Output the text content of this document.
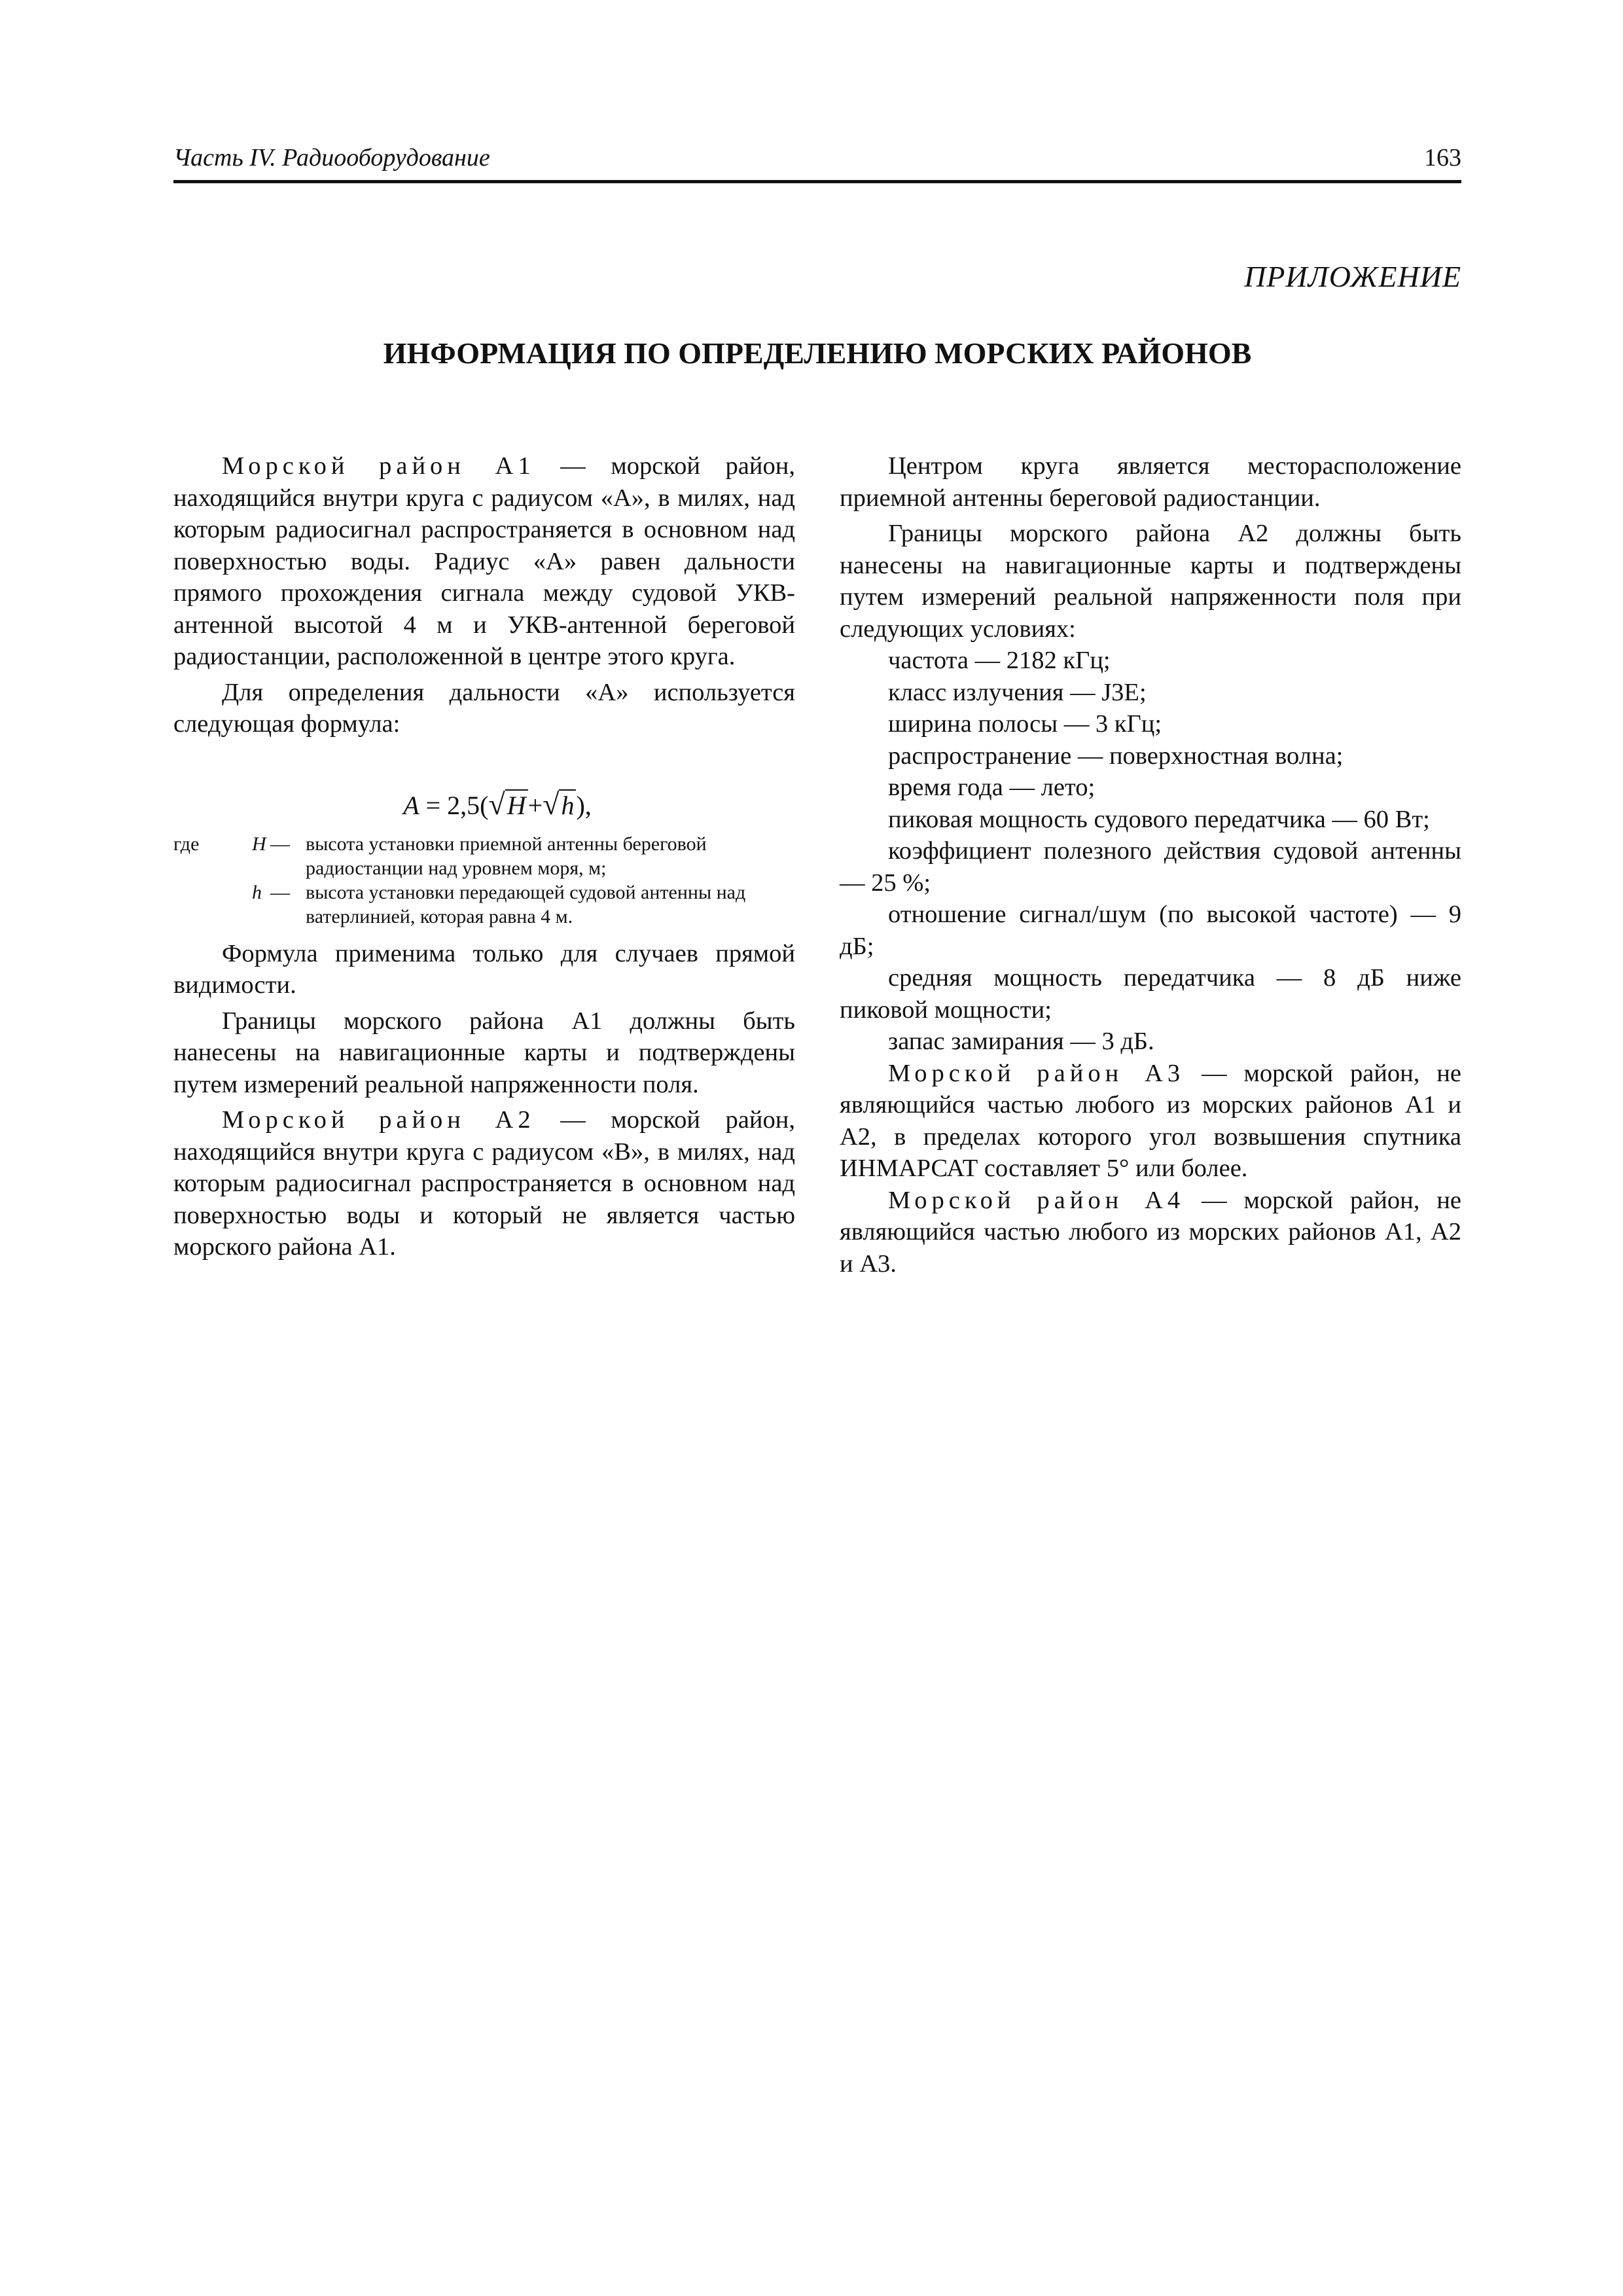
Часть IV. Радиооборудование	163
ПРИЛОЖЕНИЕ
ИНФОРМАЦИЯ ПО ОПРЕДЕЛЕНИЮ МОРСКИХ РАЙОНОВ

Морской район А1 — морской район, находящийся внутри круга с радиусом «А», в милях, над которым радиосигнал распространяется в основном над поверхностью воды. Радиус «А» равен дальности прямого прохождения сигнала между судовой УКВ-антенной высотой 4 м и УКВ-антенной береговой радиостанции, расположенной в центре этого круга.

Для определения дальности «А» используется следующая формула:

A = 2,5(√H+√h),
где	H — высота установки приемной антенны береговой радиостанции над уровнем моря, м;
h — высота установки передающей судовой антенны над ватерлинией, которая равна 4 м.

Формула применима только для случаев прямой видимости.

Границы морского района А1 должны быть нанесены на навигационные карты и подтверждены путем измерений реальной напряженности поля.

Морской район А2 — морской район, находящийся внутри круга с радиусом «В», в милях, над которым радиосигнал распространяется в основном над поверхностью воды и который не является частью морского района А1.

Центром круга является месторасположение приемной антенны береговой радиостанции.

Границы морского района А2 должны быть нанесены на навигационные карты и подтверждены путем измерений реальной напряженности поля при следующих условиях:

частота — 2182 кГц;

класс излучения — J3E;

ширина полосы — 3 кГц;

распространение — поверхностная волна;

время года — лето;

пиковая мощность судового передатчика — 60 Вт;

коэффициент полезного действия судовой антенны — 25 %;

отношение сигнал/шум (по высокой частоте) — 9 дБ;

средняя мощность передатчика — 8 дБ ниже пиковой мощности;

запас замирания — 3 дБ.

Морской район А3 — морской район, не являющийся частью любого из морских районов А1 и А2, в пределах которого угол возвышения спутника ИНМАРСАТ составляет 5° или более.

Морской район А4 — морской район, не являющийся частью любого из морских районов А1, А2 и А3.
